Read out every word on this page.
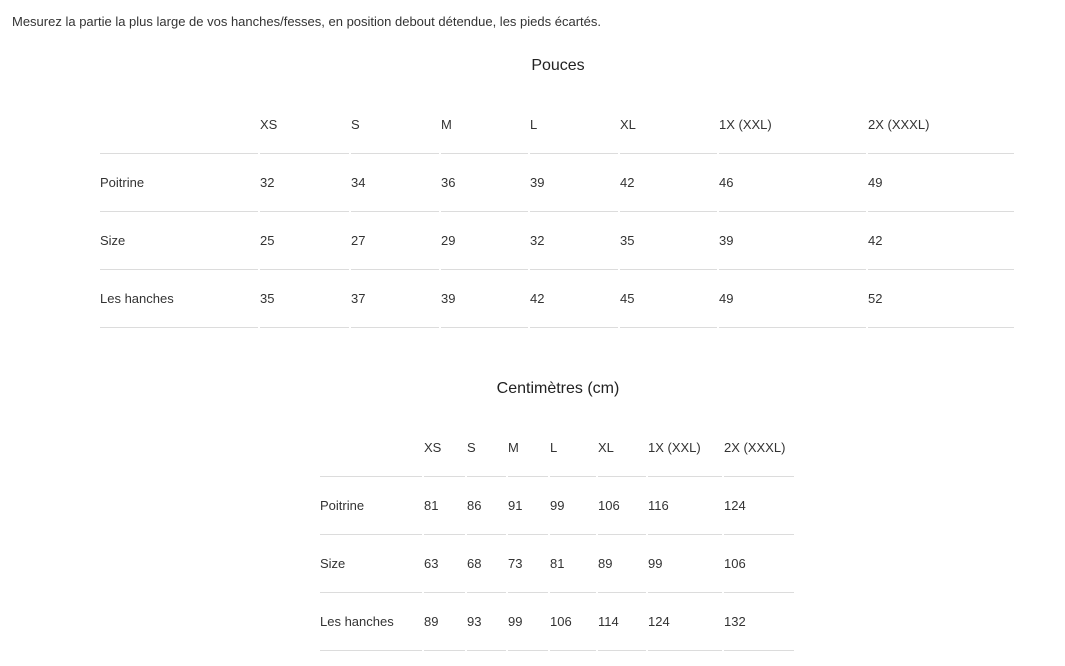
Mesurez la partie la plus large de vos hanches/fesses, en position debout détendue, les pieds écartés.

Pouces
	XS	S	M	L	XL	1X (XXL)	2X (XXXL)
Poitrine	32	34	36	39	42	46	49
Size	25	27	29	32	35	39	42
Les hanches	35	37	39	42	45	49	52
Centimètres (cm)
	XS	S	M	L	XL	1X (XXL)	2X (XXXL)
Poitrine	81	86	91	99	106	116	124
Size	63	68	73	81	89	99	106
Les hanches	89	93	99	106	114	124	132
